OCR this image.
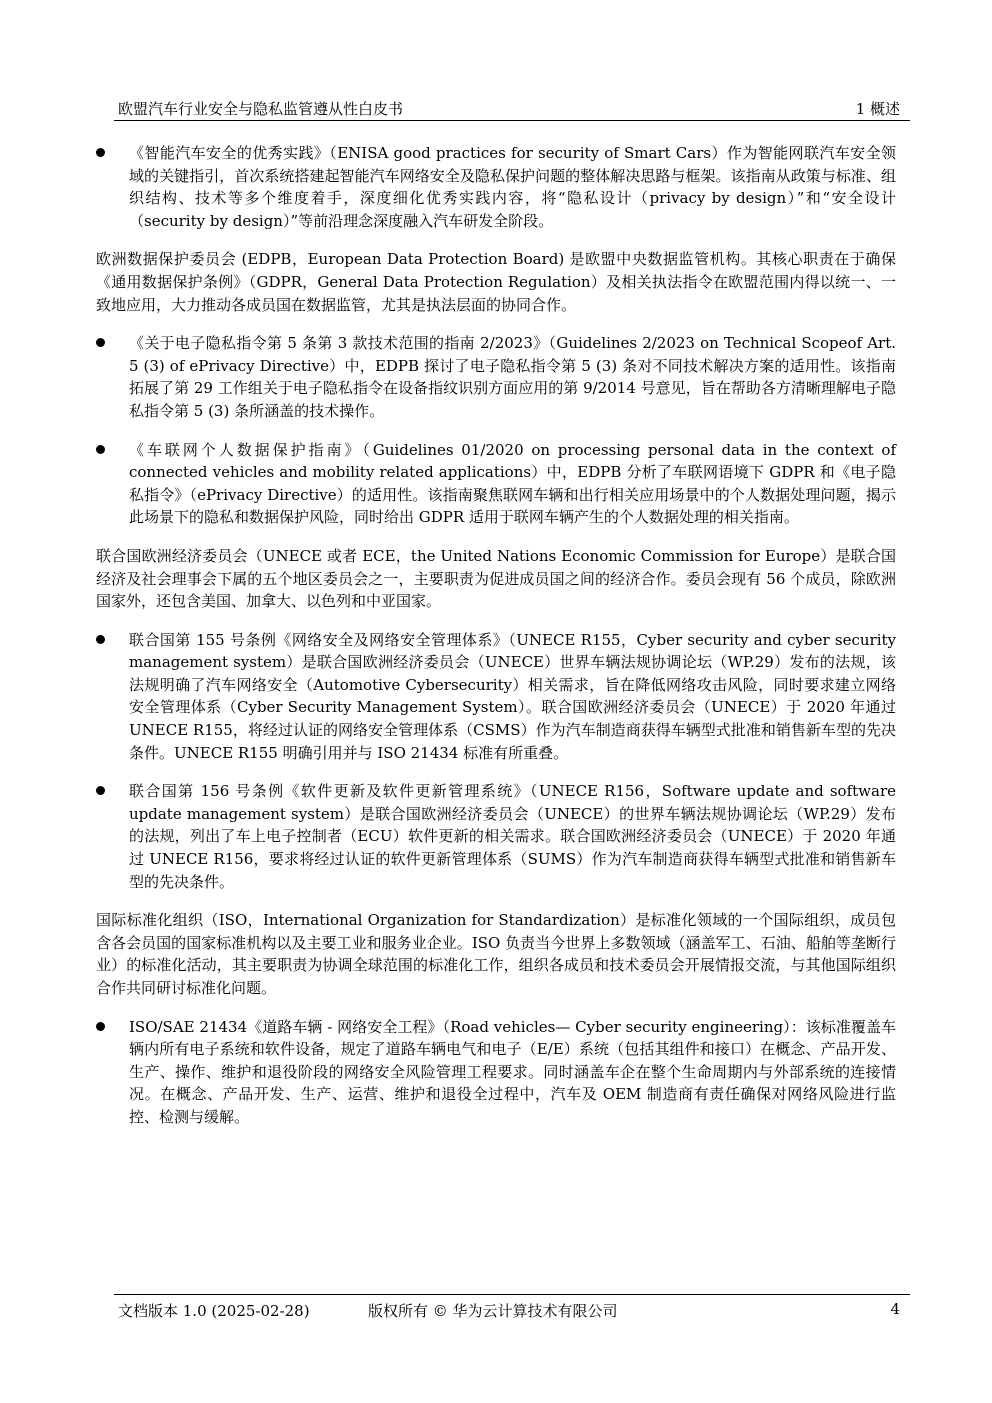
欧盟汽车行业安全与隐私监管遵从性白皮书	1 概述
《智能汽车安全的优秀实践》（ENISA good practices for security of Smart Cars）作为智能网联汽车安全领域的关键指引，首次系统搭建起智能汽车网络安全及隐私保护问题的整体解决思路与框架。该指南从政策与标准、组织结构、技术等多个维度着手，深度细化优秀实践内容，将“隐私设计（privacy by design）”和“安全设计（security by design）”等前沿理念深度融入汽车研发全阶段。

欧洲数据保护委员会 (EDPB，European Data Protection Board) 是欧盟中央数据监管机构。其核心职责在于确保《通用数据保护条例》（GDPR，General Data Protection Regulation）及相关执法指令在欧盟范围内得以统一、一致地应用，大力推动各成员国在数据监管，尤其是执法层面的协同合作。

《关于电子隐私指令第 5 条第 3 款技术范围的指南 2/2023》（Guidelines 2/2023 on Technical Scopeof Art. 5 (3) of ePrivacy Directive）中，EDPB 探讨了电子隐私指令第 5 (3) 条对不同技术解决方案的适用性。该指南拓展了第 29 工作组关于电子隐私指令在设备指纹识别方面应用的第 9/2014 号意见，旨在帮助各方清晰理解电子隐私指令第 5 (3) 条所涵盖的技术操作。
《车联网个人数据保护指南》（Guidelines 01/2020 on processing personal data in the context of connected vehicles and mobility related applications）中，EDPB 分析了车联网语境下 GDPR 和《电子隐私指令》（ePrivacy Directive）的适用性。该指南聚焦联网车辆和出行相关应用场景中的个人数据处理问题，揭示此场景下的隐私和数据保护风险，同时给出 GDPR 适用于联网车辆产生的个人数据处理的相关指南。

联合国欧洲经济委员会（UNECE 或者 ECE，the United Nations Economic Commission for Europe）是联合国经济及社会理事会下属的五个地区委员会之一，主要职责为促进成员国之间的经济合作。委员会现有 56 个成员，除欧洲国家外，还包含美国、加拿大、以色列和中亚国家。

联合国第 155 号条例《网络安全及网络安全管理体系》（UNECE R155，Cyber security and cyber security management system）是联合国欧洲经济委员会（UNECE）世界车辆法规协调论坛（WP.29）发布的法规，该法规明确了汽车网络安全（Automotive Cybersecurity）相关需求，旨在降低网络攻击风险，同时要求建立网络安全管理体系（Cyber Security Management System）。联合国欧洲经济委员会（UNECE）于 2020 年通过 UNECE R155，将经过认证的网络安全管理体系（CSMS）作为汽车制造商获得车辆型式批准和销售新车型的先决条件。UNECE R155 明确引用并与 ISO 21434 标准有所重叠。
联合国第 156 号条例《软件更新及软件更新管理系统》（UNECE R156，Software update and software update management system）是联合国欧洲经济委员会（UNECE）的世界车辆法规协调论坛（WP.29）发布的法规，列出了车上电子控制者（ECU）软件更新的相关需求。联合国欧洲经济委员会（UNECE）于 2020 年通过 UNECE R156，要求将经过认证的软件更新管理体系（SUMS）作为汽车制造商获得车辆型式批准和销售新车型的先决条件。

国际标准化组织（ISO，International Organization for Standardization）是标准化领域的一个国际组织，成员包含各会员国的国家标准机构以及主要工业和服务业企业。ISO 负责当今世界上多数领域（涵盖军工、石油、船舶等垄断行业）的标准化活动，其主要职责为协调全球范围的标准化工作，组织各成员和技术委员会开展情报交流，与其他国际组织合作共同研讨标准化问题。

ISO/SAE 21434《道路车辆 - 网络安全工程》（Road vehicles— Cyber security engineering）：该标准覆盖车辆内所有电子系统和软件设备，规定了道路车辆电气和电子（E/E）系统（包括其组件和接口）在概念、产品开发、生产、操作、维护和退役阶段的网络安全风险管理工程要求。同时涵盖车企在整个生命周期内与外部系统的连接情况。在概念、产品开发、生产、运营、维护和退役全过程中，汽车及 OEM 制造商有责任确保对网络风险进行监控、检测与缓解。
文档版本 1.0 (2025-02-28)	版权所有 © 华为云计算技术有限公司	4
